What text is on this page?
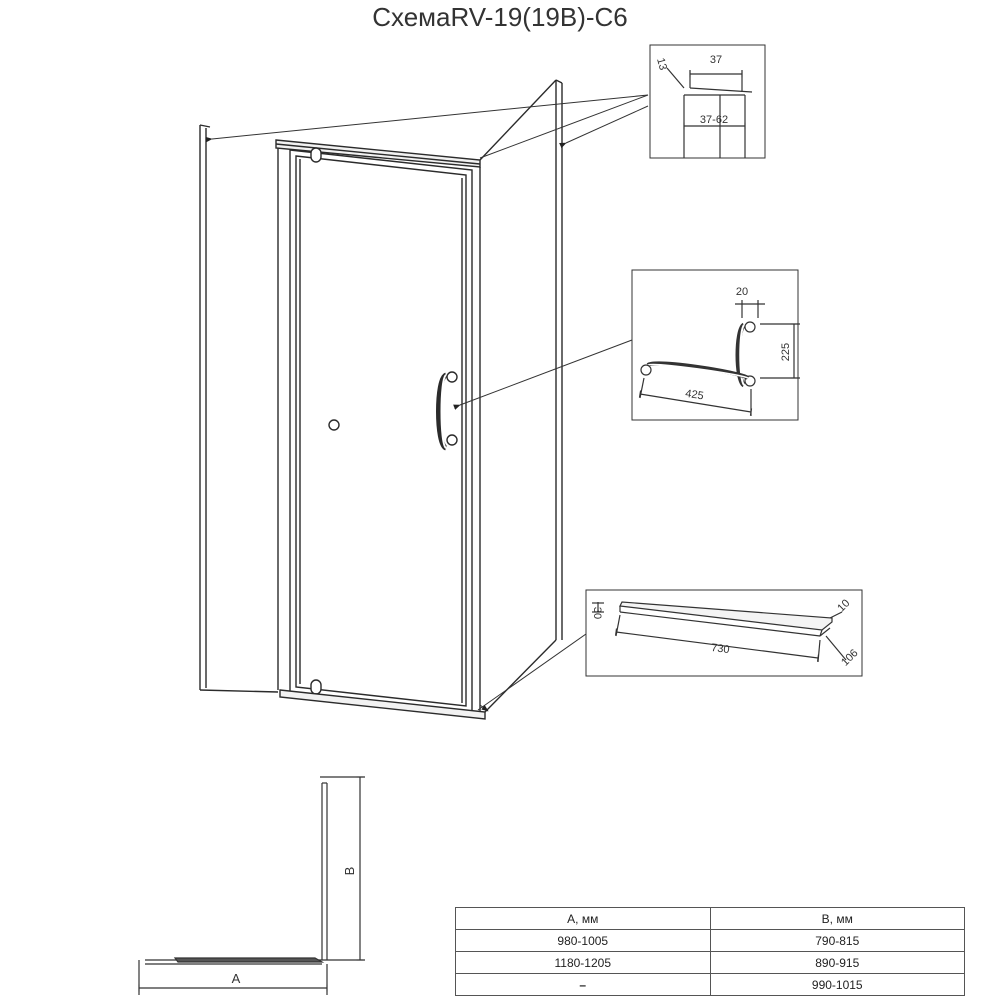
СхемаRV-19(19B)-C6
37
37-62
13
20
225
425
30
730
10
106
A
B
A, мм	B, мм
980-1005	790-815
1180-1205	890-915
–	990-1015
